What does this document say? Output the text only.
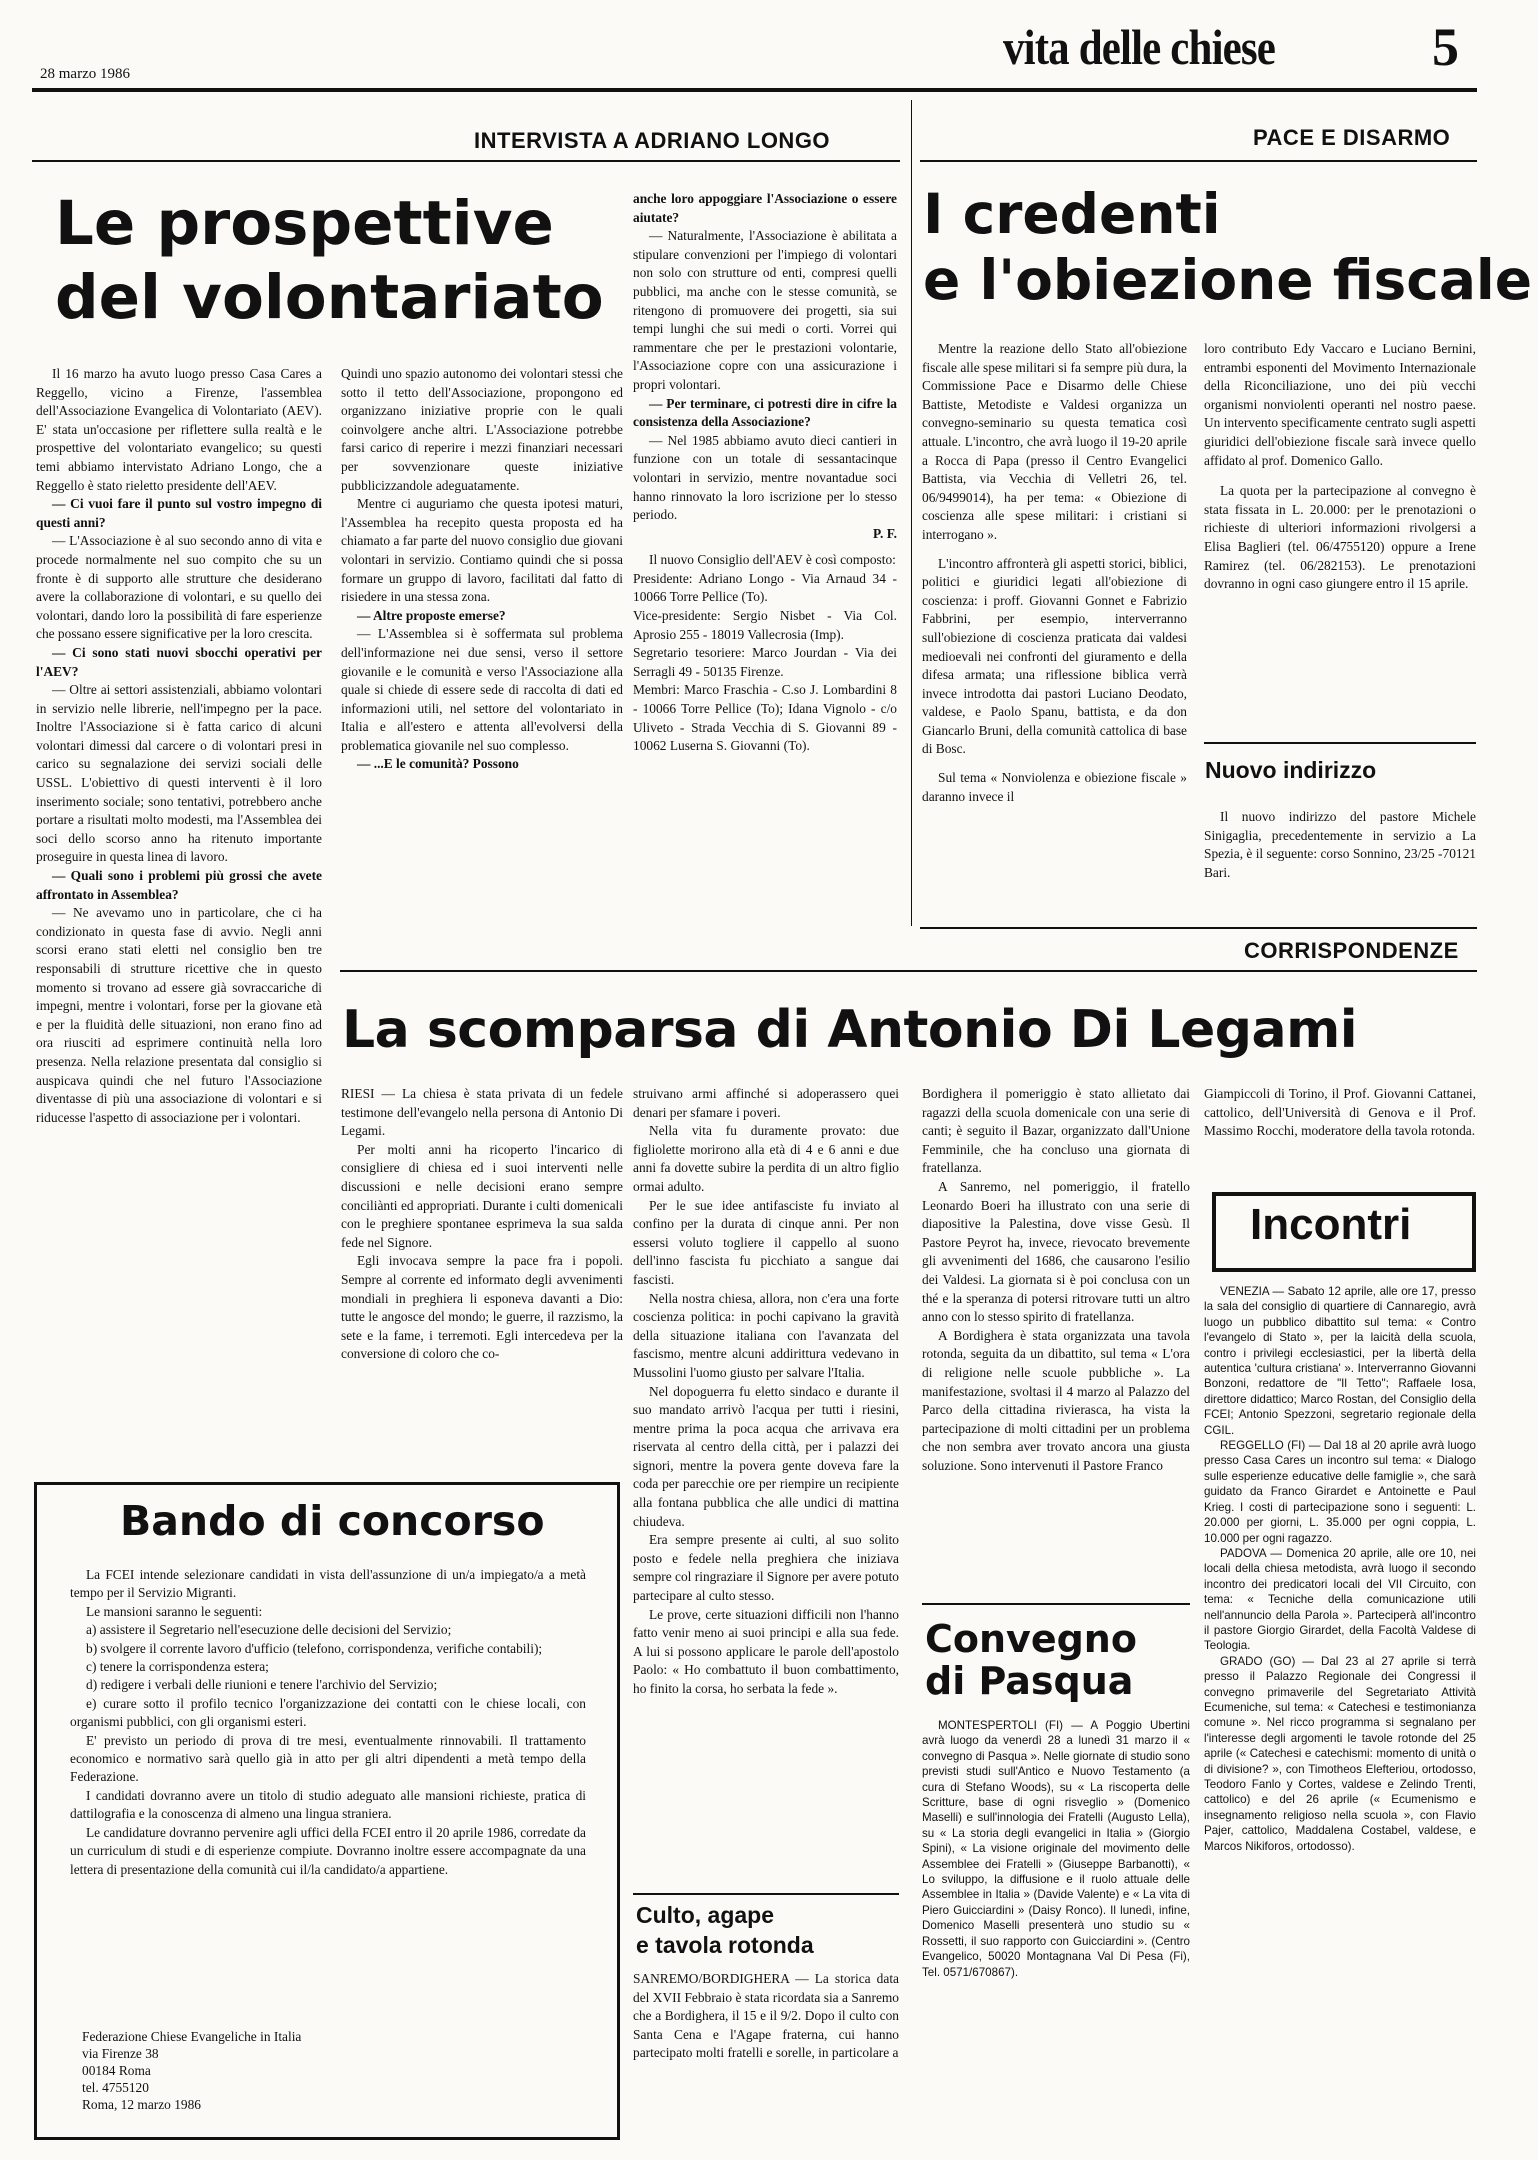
28 marzo 1986	vita delle chiese	5
INTERVISTA A ADRIANO LONGO
Le prospettive
del volontariato

Il 16 marzo ha avuto luogo presso Casa Cares a Reggello, vicino a Firenze, l'assemblea dell'Associazione Evangelica di Volontariato (AEV). E' stata un'occasione per riflettere sulla realtà e le prospettive del volontariato evangelico; su questi temi abbiamo intervistato Adriano Longo, che a Reggello è stato rieletto presidente dell'AEV.

— Ci vuoi fare il punto sul vostro impegno di questi anni?

— L'Associazione è al suo secondo anno di vita e procede normalmente nel suo compito che su un fronte è di supporto alle strutture che desiderano avere la collaborazione di volontari, e su quello dei volontari, dando loro la possibilità di fare esperienze che possano essere significative per la loro crescita.

— Ci sono stati nuovi sbocchi operativi per l'AEV?

— Oltre ai settori assistenziali, abbiamo volontari in servizio nelle librerie, nell'impegno per la pace. Inoltre l'Associazione si è fatta carico di alcuni volontari dimessi dal carcere o di volontari presi in carico su segnalazione dei servizi sociali delle USSL. L'obiettivo di questi interventi è il loro inserimento sociale; sono tentativi, potrebbero anche portare a risultati molto modesti, ma l'Assemblea dei soci dello scorso anno ha ritenuto importante proseguire in questa linea di lavoro.

— Quali sono i problemi più grossi che avete affrontato in Assemblea?

— Ne avevamo uno in particolare, che ci ha condizionato in questa fase di avvio. Negli anni scorsi erano stati eletti nel consiglio ben tre responsabili di strutture ricettive che in questo momento si trovano ad essere già sovraccariche di impegni, mentre i volontari, forse per la giovane età e per la fluidità delle situazioni, non erano fino ad ora riusciti ad esprimere continuità nella loro presenza. Nella relazione presentata dal consiglio si auspicava quindi che nel futuro l'Associazione diventasse di più una associazione di volontari e si riducesse l'aspetto di associazione per i volontari.

Quindi uno spazio autonomo dei volontari stessi che sotto il tetto dell'Associazione, propongono ed organizzano iniziative proprie con le quali coinvolgere anche altri. L'Associazione potrebbe farsi carico di reperire i mezzi finanziari necessari per sovvenzionare queste iniziative pubblicizzandole adeguatamente.

Mentre ci auguriamo che questa ipotesi maturi, l'Assemblea ha recepito questa proposta ed ha chiamato a far parte del nuovo consiglio due giovani volontari in servizio. Contiamo quindi che si possa formare un gruppo di lavoro, facilitati dal fatto di risiedere in una stessa zona.

— Altre proposte emerse?

— L'Assemblea si è soffermata sul problema dell'informazione nei due sensi, verso il settore giovanile e le comunità e verso l'Associazione alla quale si chiede di essere sede di raccolta di dati ed informazioni utili, nel settore del volontariato in Italia e all'estero e attenta all'evolversi della problematica giovanile nel suo complesso.

— ...E le comunità? Possono

anche loro appoggiare l'Associazione o essere aiutate?

— Naturalmente, l'Associazione è abilitata a stipulare convenzioni per l'impiego di volontari non solo con strutture od enti, compresi quelli pubblici, ma anche con le stesse comunità, se ritengono di promuovere dei progetti, sia sui tempi lunghi che sui medi o corti. Vorrei qui rammentare che per le prestazioni volontarie, l'Associazione copre con una assicurazione i propri volontari.

— Per terminare, ci potresti dire in cifre la consistenza della Associazione?

— Nel 1985 abbiamo avuto dieci cantieri in funzione con un totale di sessantacinque volontari in servizio, mentre novantadue soci hanno rinnovato la loro iscrizione per lo stesso periodo.

P. F.

Il nuovo Consiglio dell'AEV è così composto:

Presidente: Adriano Longo - Via Arnaud 34 - 10066 Torre Pellice (To).

Vice-presidente: Sergio Nisbet - Via Col. Aprosio 255 - 18019 Vallecrosia (Imp).

Segretario tesoriere: Marco Jourdan - Via dei Serragli 49 - 50135 Firenze.

Membri: Marco Fraschia - C.so J. Lombardini 8 - 10066 Torre Pellice (To); Idana Vignolo - c/o Uliveto - Strada Vecchia di S. Giovanni 89 - 10062 Luserna S. Giovanni (To).

PACE E DISARMO
I credenti
e l'obiezione fiscale

Mentre la reazione dello Stato all'obiezione fiscale alle spese militari si fa sempre più dura, la Commissione Pace e Disarmo delle Chiese Battiste, Metodiste e Valdesi organizza un convegno-seminario su questa tematica così attuale. L'incontro, che avrà luogo il 19-20 aprile a Rocca di Papa (presso il Centro Evangelici Battista, via Vecchia di Velletri 26, tel. 06/9499014), ha per tema: « Obiezione di coscienza alle spese militari: i cristiani si interrogano ».

L'incontro affronterà gli aspetti storici, biblici, politici e giuridici legati all'obiezione di coscienza: i proff. Giovanni Gonnet e Fabrizio Fabbrini, per esempio, interverranno sull'obiezione di coscienza praticata dai valdesi medioevali nei confronti del giuramento e della difesa armata; una riflessione biblica verrà invece introdotta dai pastori Luciano Deodato, valdese, e Paolo Spanu, battista, e da don Giancarlo Bruni, della comunità cattolica di base di Bosc.

Sul tema « Nonviolenza e obiezione fiscale » daranno invece il

loro contributo Edy Vaccaro e Luciano Bernini, entrambi esponenti del Movimento Internazionale della Riconciliazione, uno dei più vecchi organismi nonviolenti operanti nel nostro paese. Un intervento specificamente centrato sugli aspetti giuridici dell'obiezione fiscale sarà invece quello affidato al prof. Domenico Gallo.

La quota per la partecipazione al convegno è stata fissata in L. 20.000: per le prenotazioni o richieste di ulteriori informazioni rivolgersi a Elisa Baglieri (tel. 06/4755120) oppure a Irene Ramirez (tel. 06/282153). Le prenotazioni dovranno in ogni caso giungere entro il 15 aprile.

Nuovo indirizzo

Il nuovo indirizzo del pastore Michele Sinigaglia, precedentemente in servizio a La Spezia, è il seguente: corso Sonnino, 23/25 -70121 Bari.

CORRISPONDENZE
La scomparsa di Antonio Di Legami

RIESI — La chiesa è stata privata di un fedele testimone dell'evangelo nella persona di Antonio Di Legami.

Per molti anni ha ricoperto l'incarico di consigliere di chiesa ed i suoi interventi nelle discussioni e nelle decisioni erano sempre conciliànti ed appropriati. Durante i culti domenicali con le preghiere spontanee esprimeva la sua salda fede nel Signore.

Egli invocava sempre la pace fra i popoli. Sempre al corrente ed informato degli avvenimenti mondiali in preghiera li esponeva davanti a Dio: tutte le angosce del mondo; le guerre, il razzismo, la sete e la fame, i terremoti. Egli intercedeva per la conversione di coloro che co-

struivano armi affinché si adoperassero quei denari per sfamare i poveri.

Nella vita fu duramente provato: due figliolette morirono alla età di 4 e 6 anni e due anni fa dovette subire la perdita di un altro figlio ormai adulto.

Per le sue idee antifasciste fu inviato al confino per la durata di cinque anni. Per non essersi voluto togliere il cappello al suono dell'inno fascista fu picchiato a sangue dai fascisti.

Nella nostra chiesa, allora, non c'era una forte coscienza politica: in pochi capivano la gravità della situazione italiana con l'avanzata del fascismo, mentre alcuni addirittura vedevano in Mussolini l'uomo giusto per salvare l'Italia.

Nel dopoguerra fu eletto sindaco e durante il suo mandato arrivò l'acqua per tutti i riesini, mentre prima la poca acqua che arrivava era riservata al centro della città, per i palazzi dei signori, mentre la povera gente doveva fare la coda per parecchie ore per riempire un recipiente alla fontana pubblica che alle undici di mattina chiudeva.

Era sempre presente ai culti, al suo solito posto e fedele nella preghiera che iniziava sempre col ringraziare il Signore per avere potuto partecipare al culto stesso.

Le prove, certe situazioni difficili non l'hanno fatto venir meno ai suoi principi e alla sua fede. A lui si possono applicare le parole dell'apostolo Paolo: « Ho combattuto il buon combattimento, ho finito la corsa, ho serbata la fede ».

Culto, agape
e tavola rotonda

SANREMO/BORDIGHERA — La storica data del XVII Febbraio è stata ricordata sia a Sanremo che a Bordighera, il 15 e il 9/2. Dopo il culto con Santa Cena e l'Agape fraterna, cui hanno partecipato molti fratelli e sorelle, in particolare a

Bordighera il pomeriggio è stato allietato dai ragazzi della scuola domenicale con una serie di canti; è seguito il Bazar, organizzato dall'Unione Femminile, che ha concluso una giornata di fratellanza.

A Sanremo, nel pomeriggio, il fratello Leonardo Boeri ha illustrato con una serie di diapositive la Palestina, dove visse Gesù. Il Pastore Peyrot ha, invece, rievocato brevemente gli avvenimenti del 1686, che causarono l'esilio dei Valdesi. La giornata si è poi conclusa con un thé e la speranza di potersi ritrovare tutti un altro anno con lo stesso spirito di fratellanza.

A Bordighera è stata organizzata una tavola rotonda, seguita da un dibattito, sul tema « L'ora di religione nelle scuole pubbliche ». La manifestazione, svoltasi il 4 marzo al Palazzo del Parco della cittadina rivierasca, ha vista la partecipazione di molti cittadini per un problema che non sembra aver trovato ancora una giusta soluzione. Sono intervenuti il Pastore Franco

Giampiccoli di Torino, il Prof. Giovanni Cattanei, cattolico, dell'Università di Genova e il Prof. Massimo Rocchi, moderatore della tavola rotonda.

Incontri

VENEZIA — Sabato 12 aprile, alle ore 17, presso la sala del consiglio di quartiere di Cannaregio, avrà luogo un pubblico dibattito sul tema: « Contro l'evangelo di Stato », per la laicità della scuola, contro i privilegi ecclesiastici, per la libertà della autentica 'cultura cristiana' ». Interverranno Giovanni Bonzoni, redattore de "Il Tetto"; Raffaele Iosa, direttore didattico; Marco Rostan, del Consiglio della FCEI; Antonio Spezzoni, segretario regionale della CGIL.

REGGELLO (FI) — Dal 18 al 20 aprile avrà luogo presso Casa Cares un incontro sul tema: « Dialogo sulle esperienze educative delle famiglie », che sarà guidato da Franco Girardet e Antoinette e Paul Krieg. I costi di partecipazione sono i seguenti: L. 20.000 per giorni, L. 35.000 per ogni coppia, L. 10.000 per ogni ragazzo.

PADOVA — Domenica 20 aprile, alle ore 10, nei locali della chiesa metodista, avrà luogo il secondo incontro dei predicatori locali del VII Circuito, con tema: « Tecniche della comunicazione utili nell'annuncio della Parola ». Parteciperà all'incontro il pastore Giorgio Girardet, della Facoltà Valdese di Teologia.

GRADO (GO) — Dal 23 al 27 aprile si terrà presso il Palazzo Regionale dei Congressi il convegno primaverile del Segretariato Attività Ecumeniche, sul tema: « Catechesi e testimonianza comune ». Nel ricco programma si segnalano per l'interesse degli argomenti le tavole rotonde del 25 aprile (« Catechesi e catechismi: momento di unità o di divisione? », con Timotheos Elefteriou, ortodosso, Teodoro Fanlo y Cortes, valdese e Zelindo Trenti, cattolico) e del 26 aprile (« Ecumenismo e insegnamento religioso nella scuola », con Flavio Pajer, cattolico, Maddalena Costabel, valdese, e Marcos Nikiforos, ortodosso).

Convegno
di Pasqua

MONTESPERTOLI (FI) — A Poggio Ubertini avrà luogo da venerdì 28 a lunedì 31 marzo il « convegno di Pasqua ». Nelle giornate di studio sono previsti studi sull'Antico e Nuovo Testamento (a cura di Stefano Woods), su « La riscoperta delle Scritture, base di ogni risveglio » (Domenico Maselli) e sull'innologia dei Fratelli (Augusto Lella), su « La storia degli evangelici in Italia » (Giorgio Spini), « La visione originale del movimento delle Assemblee dei Fratelli » (Giuseppe Barbanotti), « Lo sviluppo, la diffusione e il ruolo attuale delle Assemblee in Italia » (Davide Valente) e « La vita di Piero Guicciardini » (Daisy Ronco). Il lunedì, infine, Domenico Maselli presenterà uno studio su « Rossetti, il suo rapporto con Guicciardini ». (Centro Evangelico, 50020 Montagnana Val Di Pesa (Fi), Tel. 0571/670867).

Bando di concorso

La FCEI intende selezionare candidati in vista dell'assunzione di un/a impiegato/a a metà tempo per il Servizio Migranti.

Le mansioni saranno le seguenti:

a) assistere il Segretario nell'esecuzione delle decisioni del Servizio;

b) svolgere il corrente lavoro d'ufficio (telefono, corrispondenza, verifiche contabili);

c) tenere la corrispondenza estera;

d) redigere i verbali delle riunioni e tenere l'archivio del Servizio;

e) curare sotto il profilo tecnico l'organizzazione dei contatti con le chiese locali, con organismi pubblici, con gli organismi esteri.

E' previsto un periodo di prova di tre mesi, eventualmente rinnovabili. Il trattamento economico e normativo sarà quello già in atto per gli altri dipendenti a metà tempo della Federazione.

I candidati dovranno avere un titolo di studio adeguato alle mansioni richieste, pratica di dattilografia e la conoscenza di almeno una lingua straniera.

Le candidature dovranno pervenire agli uffici della FCEI entro il 20 aprile 1986, corredate da un curriculum di studi e di esperienze compiute. Dovranno inoltre essere accompagnate da una lettera di presentazione della comunità cui il/la candidato/a appartiene.

Federazione Chiese Evangeliche in Italia
via Firenze 38
00184 Roma
tel. 4755120
Roma, 12 marzo 1986
